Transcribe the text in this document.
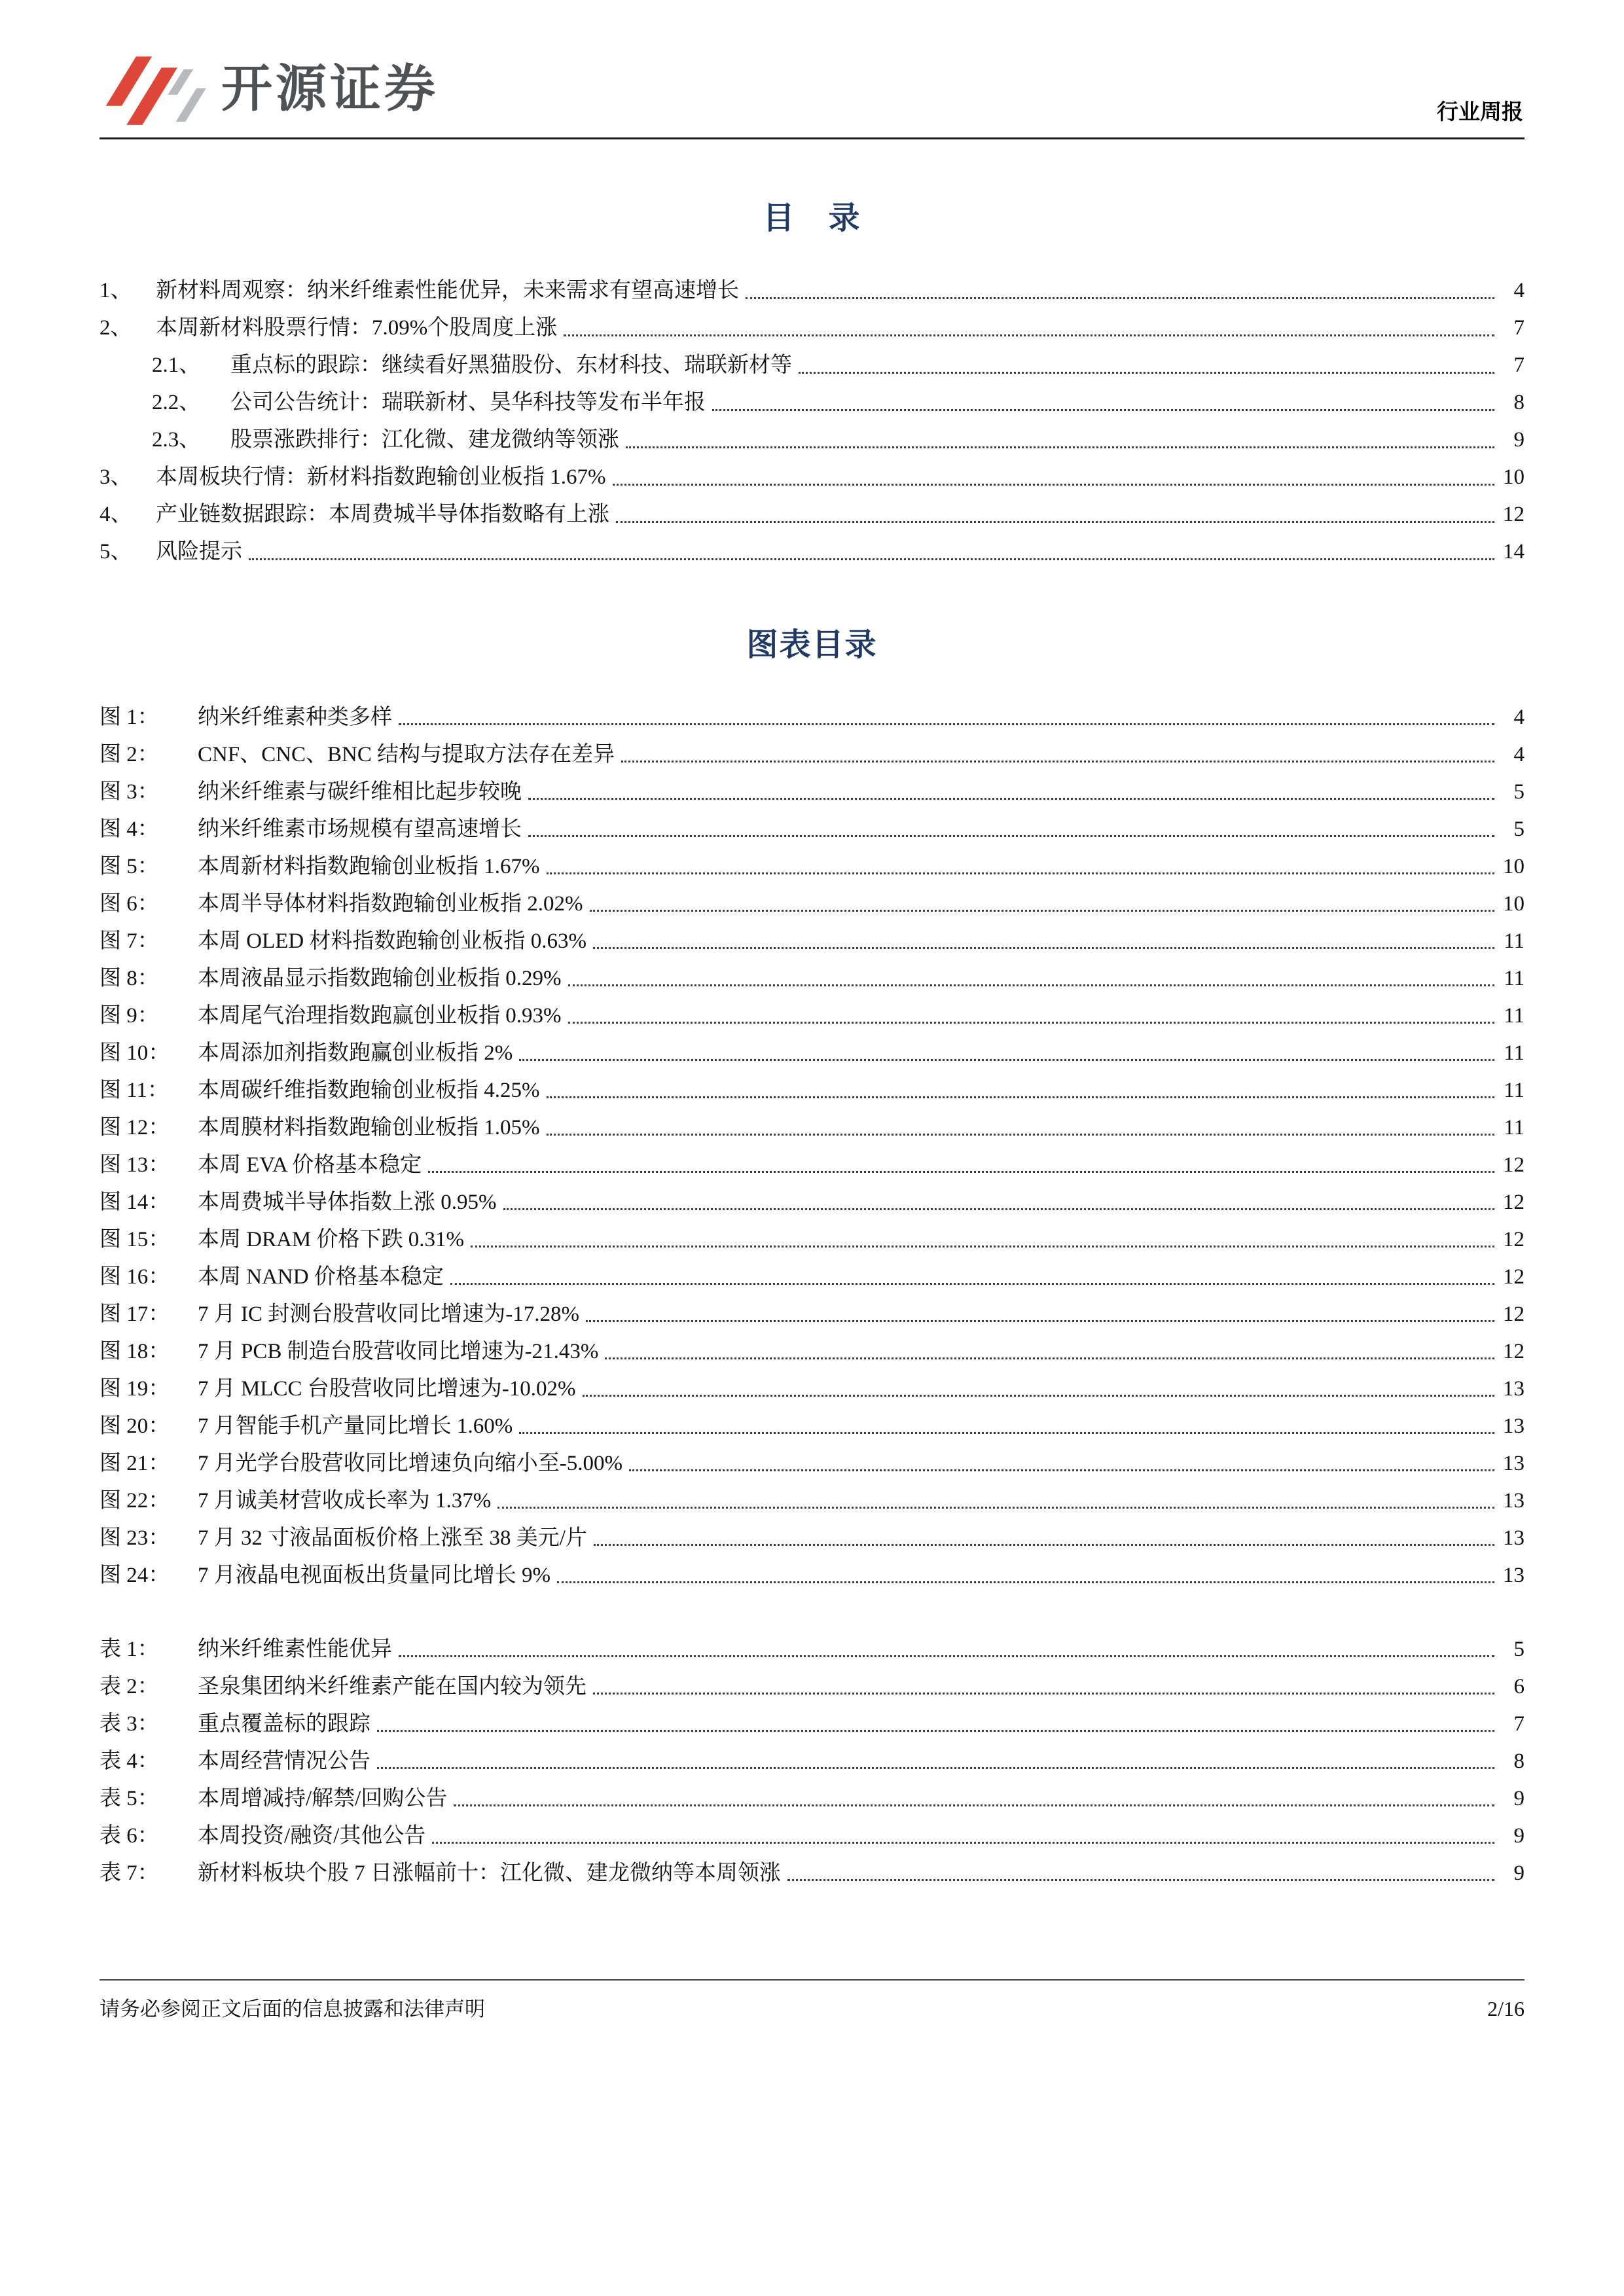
开源证券	行业周报
目　录
1、	新材料周观察：纳米纤维素性能优异，未来需求有望高速增长	4
2、	本周新材料股票行情：7.09%个股周度上涨	7
2.1、	重点标的跟踪：继续看好黑猫股份、东材科技、瑞联新材等	7
2.2、	公司公告统计：瑞联新材、昊华科技等发布半年报	8
2.3、	股票涨跌排行：江化微、建龙微纳等领涨	9
3、	本周板块行情：新材料指数跑输创业板指 1.67%	10
4、	产业链数据跟踪：本周费城半导体指数略有上涨	12
5、	风险提示	14
图表目录
图 1：	纳米纤维素种类多样	4
图 2：	CNF、CNC、BNC 结构与提取方法存在差异	4
图 3：	纳米纤维素与碳纤维相比起步较晚	5
图 4：	纳米纤维素市场规模有望高速增长	5
图 5：	本周新材料指数跑输创业板指 1.67%	10
图 6：	本周半导体材料指数跑输创业板指 2.02%	10
图 7：	本周 OLED 材料指数跑输创业板指 0.63%	11
图 8：	本周液晶显示指数跑输创业板指 0.29%	11
图 9：	本周尾气治理指数跑赢创业板指 0.93%	11
图 10：	本周添加剂指数跑赢创业板指 2%	11
图 11：	本周碳纤维指数跑输创业板指 4.25%	11
图 12：	本周膜材料指数跑输创业板指 1.05%	11
图 13：	本周 EVA 价格基本稳定	12
图 14：	本周费城半导体指数上涨 0.95%	12
图 15：	本周 DRAM 价格下跌 0.31%	12
图 16：	本周 NAND 价格基本稳定	12
图 17：	7 月 IC 封测台股营收同比增速为-17.28%	12
图 18：	7 月 PCB 制造台股营收同比增速为-21.43%	12
图 19：	7 月 MLCC 台股营收同比增速为-10.02%	13
图 20：	7 月智能手机产量同比增长 1.60%	13
图 21：	7 月光学台股营收同比增速负向缩小至-5.00%	13
图 22：	7 月诚美材营收成长率为 1.37%	13
图 23：	7 月 32 寸液晶面板价格上涨至 38 美元/片	13
图 24：	7 月液晶电视面板出货量同比增长 9%	13
表 1：	纳米纤维素性能优异	5
表 2：	圣泉集团纳米纤维素产能在国内较为领先	6
表 3：	重点覆盖标的跟踪	7
表 4：	本周经营情况公告	8
表 5：	本周增减持/解禁/回购公告	9
表 6：	本周投资/融资/其他公告	9
表 7：	新材料板块个股 7 日涨幅前十：江化微、建龙微纳等本周领涨	9
请务必参阅正文后面的信息披露和法律声明	2/16
